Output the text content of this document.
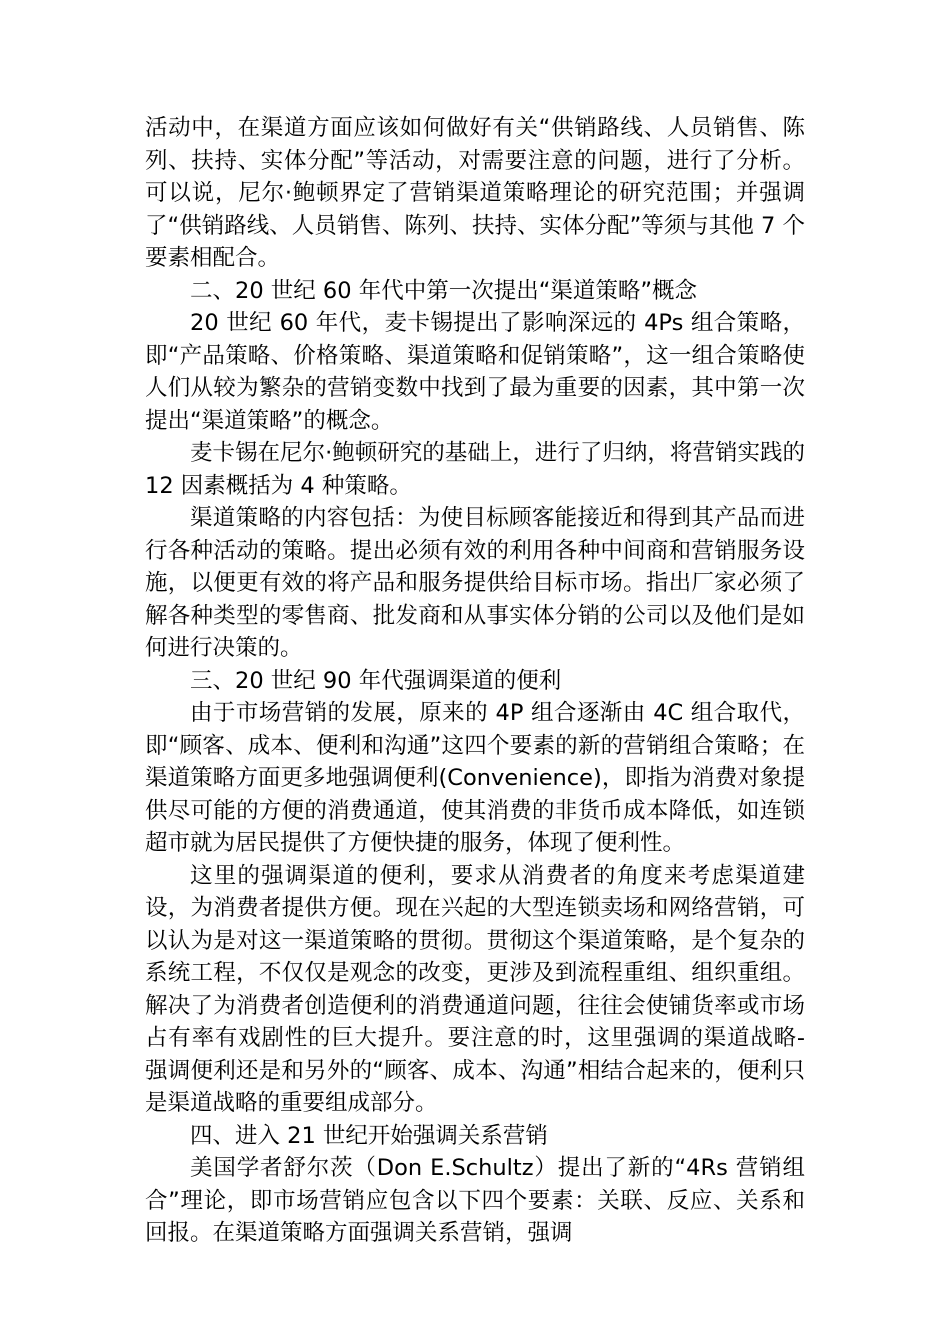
活动中，在渠道方面应该如何做好有关“供销路线、人员销售、陈列、扶持、实体分配”等活动，对需要注意的问题，进行了分析。可以说，尼尔·鲍顿界定了营销渠道策略理论的研究范围；并强调了“供销路线、人员销售、陈列、扶持、实体分配”等须与其他 7 个要素相配合。

二、20 世纪 60 年代中第一次提出“渠道策略”概念

20 世纪 60 年代，麦卡锡提出了影响深远的 4Ps 组合策略，即“产品策略、价格策略、渠道策略和促销策略”，这一组合策略使人们从较为繁杂的营销变数中找到了最为重要的因素，其中第一次提出“渠道策略”的概念。

麦卡锡在尼尔·鲍顿研究的基础上，进行了归纳，将营销实践的 12 因素概括为 4 种策略。

渠道策略的内容包括：为使目标顾客能接近和得到其产品而进行各种活动的策略。提出必须有效的利用各种中间商和营销服务设施，以便更有效的将产品和服务提供给目标市场。指出厂家必须了解各种类型的零售商、批发商和从事实体分销的公司以及他们是如何进行决策的。

三、20 世纪 90 年代强调渠道的便利

由于市场营销的发展，原来的 4P 组合逐渐由 4C 组合取代，即“顾客、成本、便利和沟通”这四个要素的新的营销组合策略；在渠道策略方面更多地强调便利(Convenience)，即指为消费对象提供尽可能的方便的消费通道，使其消费的非货币成本降低，如连锁超市就为居民提供了方便快捷的服务，体现了便利性。

这里的强调渠道的便利，要求从消费者的角度来考虑渠道建设，为消费者提供方便。现在兴起的大型连锁卖场和网络营销，可以认为是对这一渠道策略的贯彻。贯彻这个渠道策略，是个复杂的系统工程，不仅仅是观念的改变，更涉及到流程重组、组织重组。解决了为消费者创造便利的消费通道问题，往往会使铺货率或市场占有率有戏剧性的巨大提升。要注意的时，这里强调的渠道战略-强调便利还是和另外的“顾客、成本、沟通”相结合起来的，便利只是渠道战略的重要组成部分。

四、进入 21 世纪开始强调关系营销

美国学者舒尔茨（Don E.Schultz）提出了新的“4Rs 营销组合”理论，即市场营销应包含以下四个要素：关联、反应、关系和回报。在渠道策略方面强调关系营销，强调
